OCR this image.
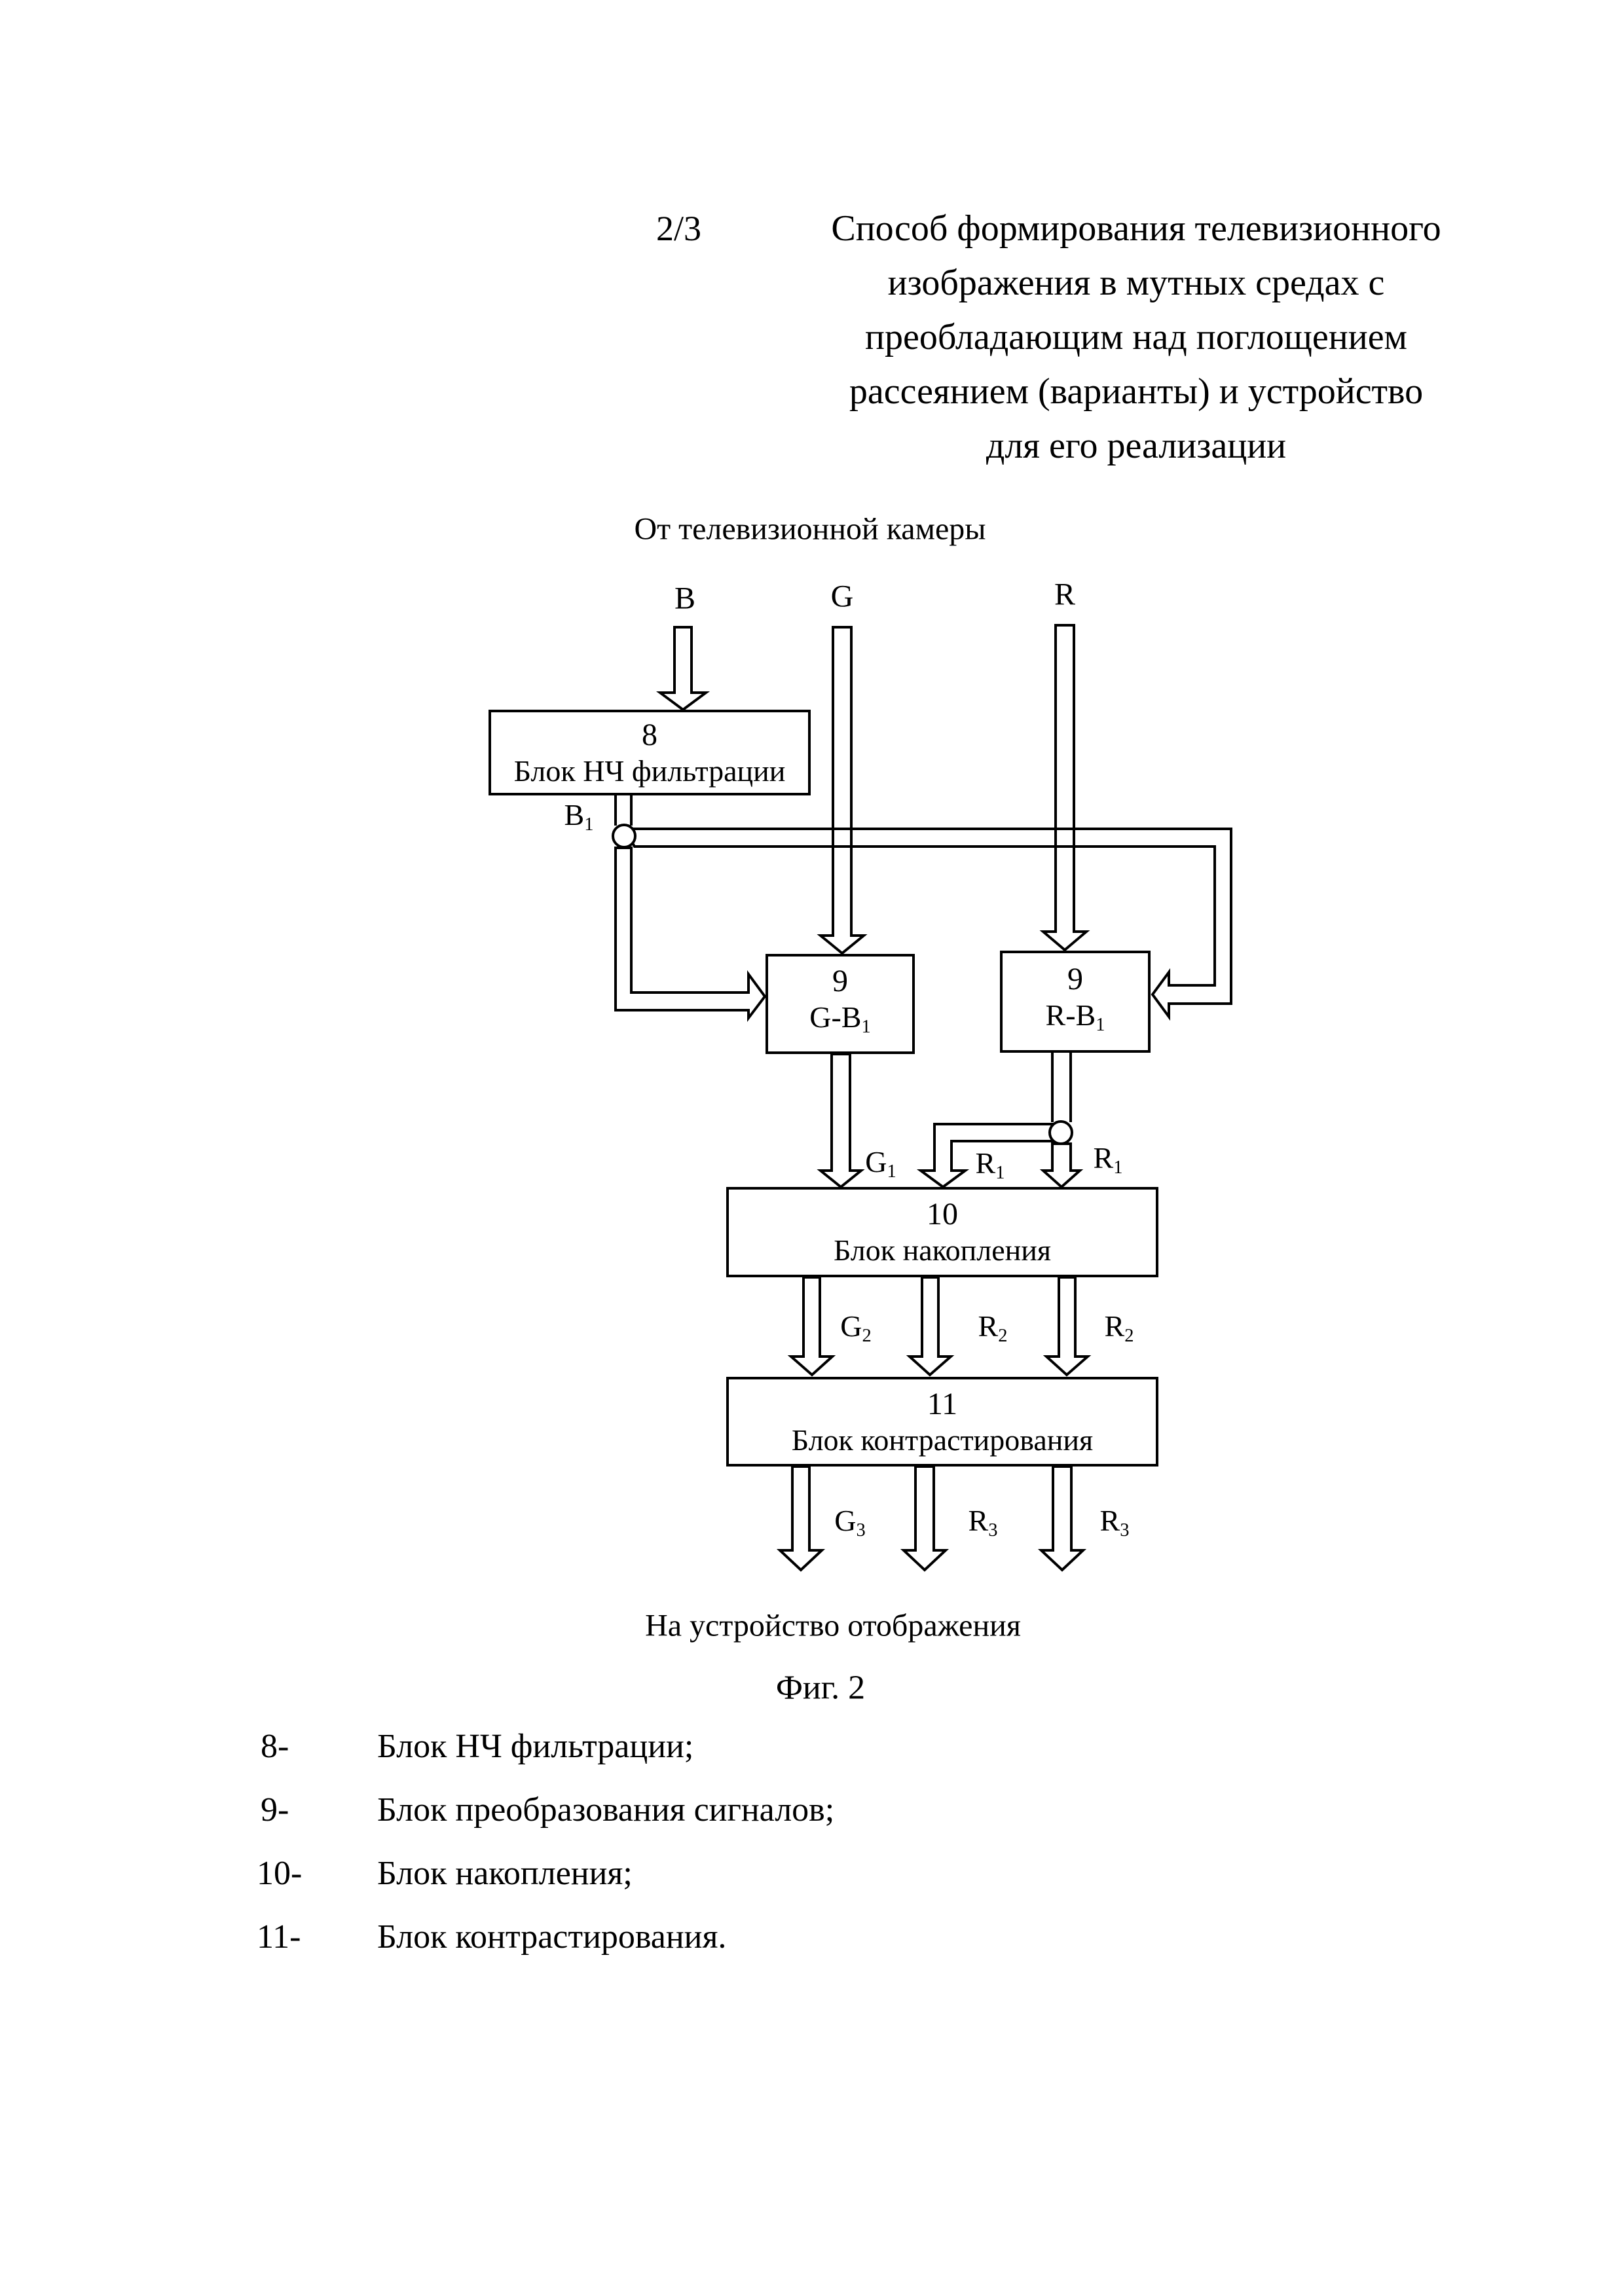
2/3	Способ формирования телевизионного
изображения в мутных средах с
преобладающим над поглощением
рассеянием (варианты) и устройство
для его реализации
От телевизионной камеры
B	G	R
8
Блок НЧ фильтрации
9
$G-B_1$
9
$R-B_1$
10
Блок накопления
11
Блок контрастирования
$B_1$
$G_1$	$R_1$	$R_1$
$G_2$	$R_2$	$R_2$
$G_3$	$R_3$	$R_3$
На устройство отображения
Фиг. 2
8-	Блок НЧ фильтрации;
9-	Блок преобразования сигналов;
10- Блок накопления;
11- Блок контрастирования.
